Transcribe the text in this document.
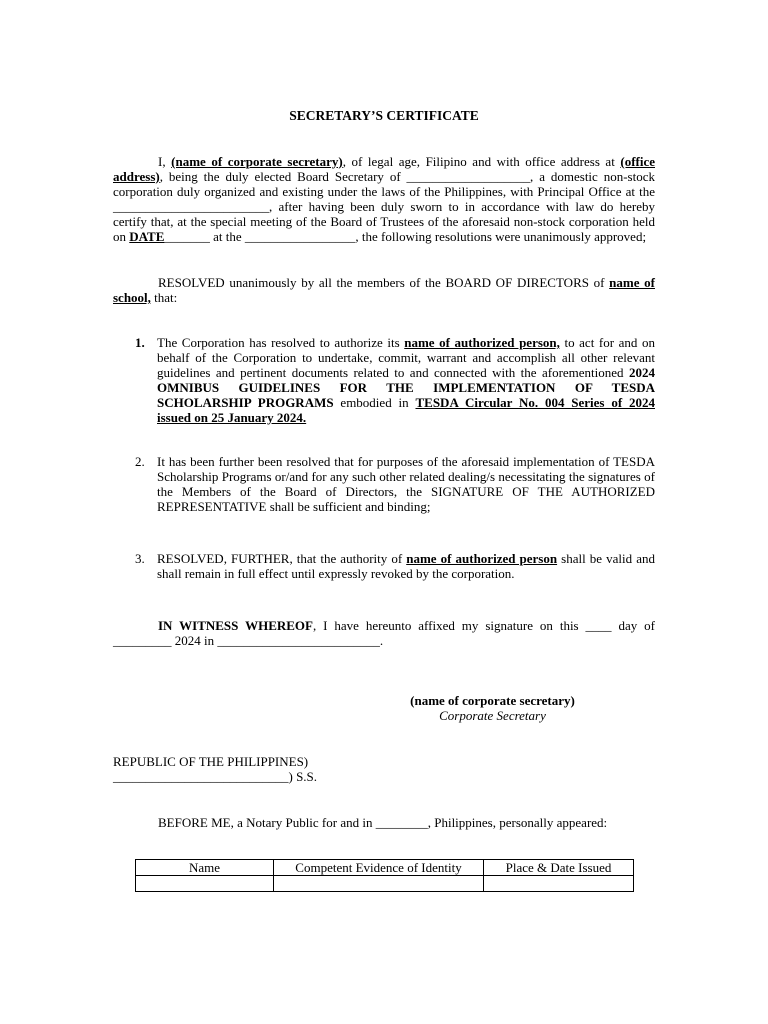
SECRETARY’S CERTIFICATE
I, (name of corporate secretary), of legal age, Filipino and with office address at (office address), being the duly elected Board Secretary of ___________________, a domestic non-stock corporation duly organized and existing under the laws of the Philippines, with Principal Office at the ________________________, after having been duly sworn to in accordance with law do hereby certify that, at the special meeting of the Board of Trustees of the aforesaid non-stock corporation held on DATE_______ at the _________________, the following resolutions were unanimously approved;
RESOLVED unanimously by all the members of the BOARD OF DIRECTORS of name of school, that:
1. The Corporation has resolved to authorize its name of authorized person, to act for and on behalf of the Corporation to undertake, commit, warrant and accomplish all other relevant guidelines and pertinent documents related to and connected with the aforementioned 2024 OMNIBUS GUIDELINES FOR THE IMPLEMENTATION OF TESDA SCHOLARSHIP PROGRAMS embodied in TESDA Circular No. 004 Series of 2024 issued on 25 January 2024.
2. It has been further been resolved that for purposes of the aforesaid implementation of TESDA Scholarship Programs or/and for any such other related dealing/s necessitating the signatures of the Members of the Board of Directors, the SIGNATURE OF THE AUTHORIZED REPRESENTATIVE shall be sufficient and binding;
3. RESOLVED, FURTHER, that the authority of name of authorized person shall be valid and shall remain in full effect until expressly revoked by the corporation.
IN WITNESS WHEREOF, I have hereunto affixed my signature on this ____ day of _________ 2024 in _________________________.
(name of corporate secretary)
Corporate Secretary
REPUBLIC OF THE PHILIPPINES)
___________________________) S.S.
BEFORE ME, a Notary Public for and in ________, Philippines, personally appeared:
Name	Competent Evidence of Identity	Place & Date Issued
